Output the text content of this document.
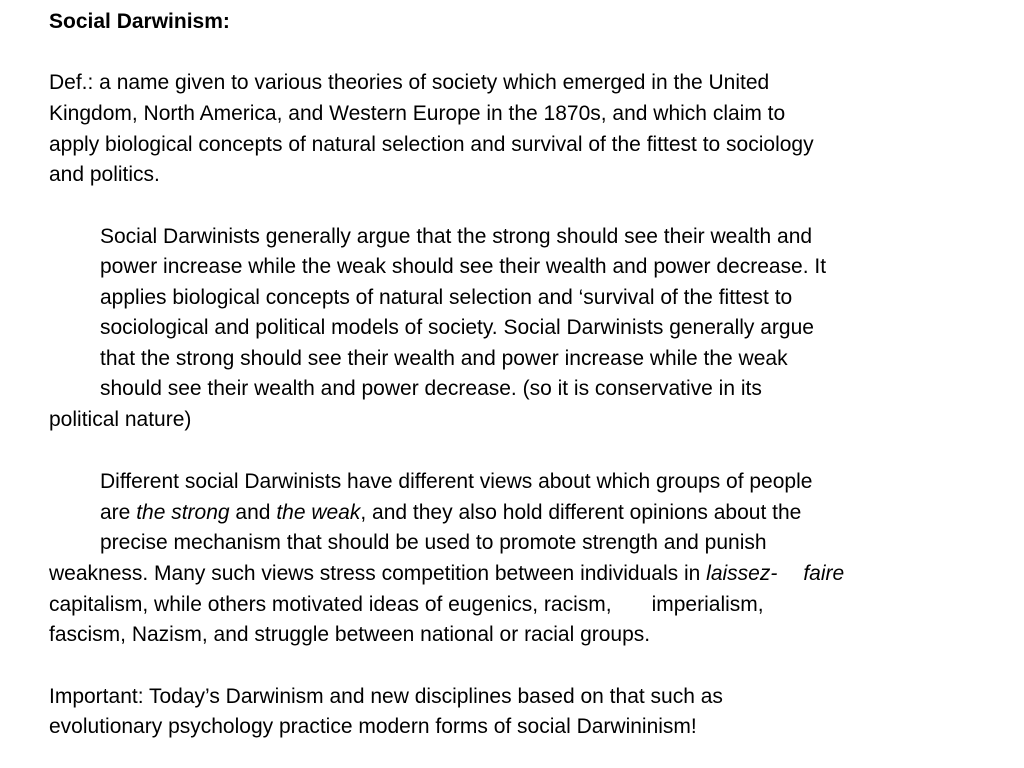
Social Darwinism:
Def.: a name given to various theories of society which emerged in the United
Kingdom, North America, and Western Europe in the 1870s, and which claim to
apply biological concepts of natural selection and survival of the fittest to sociology
and politics.
Social Darwinists generally argue that the strong should see their wealth and
power increase while the weak should see their wealth and power decrease. It
applies biological concepts of natural selection and ‘survival of the fittest to
sociological and political models of society. Social Darwinists generally argue
that the strong should see their wealth and power increase while the weak
should see their wealth and power decrease. (so it is conservative in its
political nature)
Different social Darwinists have different views about which groups of people
are the strong and the weak, and they also hold different opinions about the
precise mechanism that should be used to promote strength and punish
weakness. Many such views stress competition between individuals in laissez- faire
capitalism, while others motivated ideas of eugenics, racism, imperialism,
fascism, Nazism, and struggle between national or racial groups.
Important: Today’s Darwinism and new disciplines based on that such as
evolutionary psychology practice modern forms of social Darwininism!
